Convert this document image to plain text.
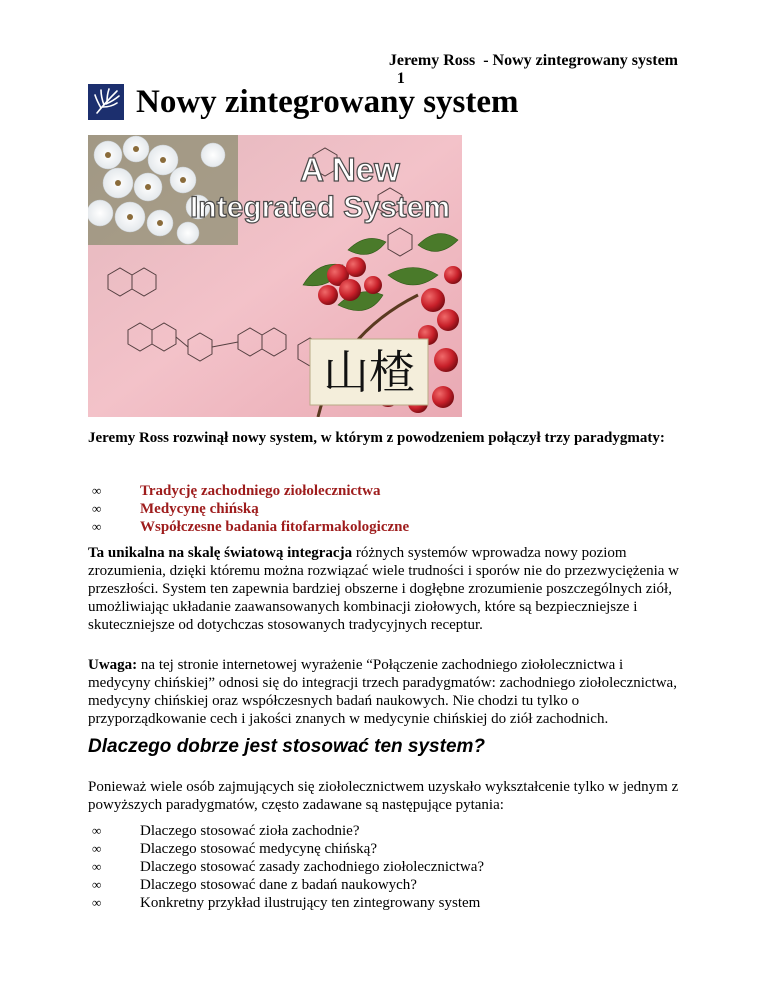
Jeremy Ross  - Nowy zintegrowany system
1

Nowy zintegrowany system
山楂
A New
Integrated System
Jeremy Ross rozwinął nowy system, w którym z powodzeniem połączył trzy paradygmaty:
∞	Tradycję zachodniego ziołolecznictwa
∞	Medycynę chińską
∞	Współczesne badania fitofarmakologiczne
Ta unikalna na skalę światową integracja różnych systemów wprowadza nowy poziom zrozumienia, dzięki któremu można rozwiązać wiele trudności i sporów nie do przezwyciężenia w przeszłości. System ten zapewnia bardziej obszerne i dogłębne zrozumienie poszczególnych ziół, umożliwiając układanie zaawansowanych kombinacji ziołowych, które są bezpieczniejsze i skuteczniejsze od dotychczas stosowanych tradycyjnych receptur.
Uwaga: na tej stronie internetowej wyrażenie “Połączenie zachodniego ziołolecznictwa i medycyny chińskiej” odnosi się do integracji trzech paradygmatów: zachodniego ziołolecznictwa, medycyny chińskiej oraz współczesnych badań naukowych. Nie chodzi tu tylko o przyporządkowanie cech i jakości znanych w medycynie chińskiej do ziół zachodnich.
Dlaczego dobrze jest stosować ten system?
Ponieważ wiele osób zajmujących się ziołolecznictwem uzyskało wykształcenie tylko w jednym z powyższych paradygmatów, często zadawane są następujące pytania:
∞	Dlaczego stosować zioła zachodnie?
∞	Dlaczego stosować medycynę chińską?
∞	Dlaczego stosować zasady zachodniego ziołolecznictwa?
∞	Dlaczego stosować dane z badań naukowych?
∞	Konkretny przykład ilustrujący ten zintegrowany system
